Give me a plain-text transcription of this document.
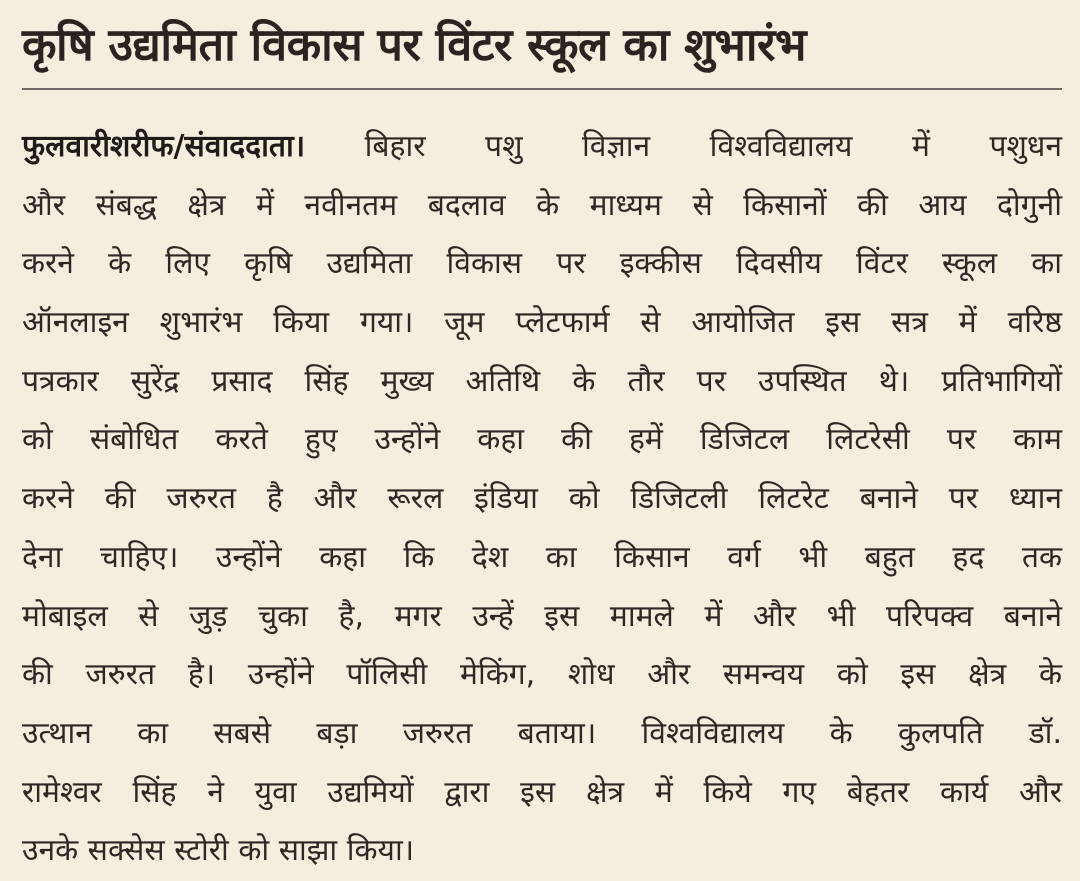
कृषि उद्यमिता विकास पर विंटर स्कूल का शुभारंभ
फुलवारीशरीफ/संवाददाता। बिहार पशु विज्ञान विश्वविद्यालय में पशुधन
और संबद्ध क्षेत्र में नवीनतम बदलाव के माध्यम से किसानों की आय दोगुनी
करने के लिए कृषि उद्यमिता विकास पर इक्कीस दिवसीय विंटर स्कूल का
ऑनलाइन शुभारंभ किया गया। जूम प्लेटफार्म से आयोजित इस सत्र में वरिष्ठ
पत्रकार सुरेंद्र प्रसाद सिंह मुख्य अतिथि के तौर पर उपस्थित थे। प्रतिभागियों
को संबोधित करते हुए उन्होंने कहा की हमें डिजिटल लिटरेसी पर काम
करने की जरुरत है और रूरल इंडिया को डिजिटली लिटरेट बनाने पर ध्यान
देना चाहिए। उन्होंने कहा कि देश का किसान वर्ग भी बहुत हद तक
मोबाइल से जुड़ चुका है, मगर उन्हें इस मामले में और भी परिपक्व बनाने
की जरुरत है। उन्होंने पॉलिसी मेकिंग, शोध और समन्वय को इस क्षेत्र के
उत्थान का सबसे बड़ा जरुरत बताया। विश्वविद्यालय के कुलपति डॉ.
रामेश्वर सिंह ने युवा उद्यमियों द्वारा इस क्षेत्र में किये गए बेहतर कार्य और
उनके सक्सेस स्टोरी को साझा किया।
